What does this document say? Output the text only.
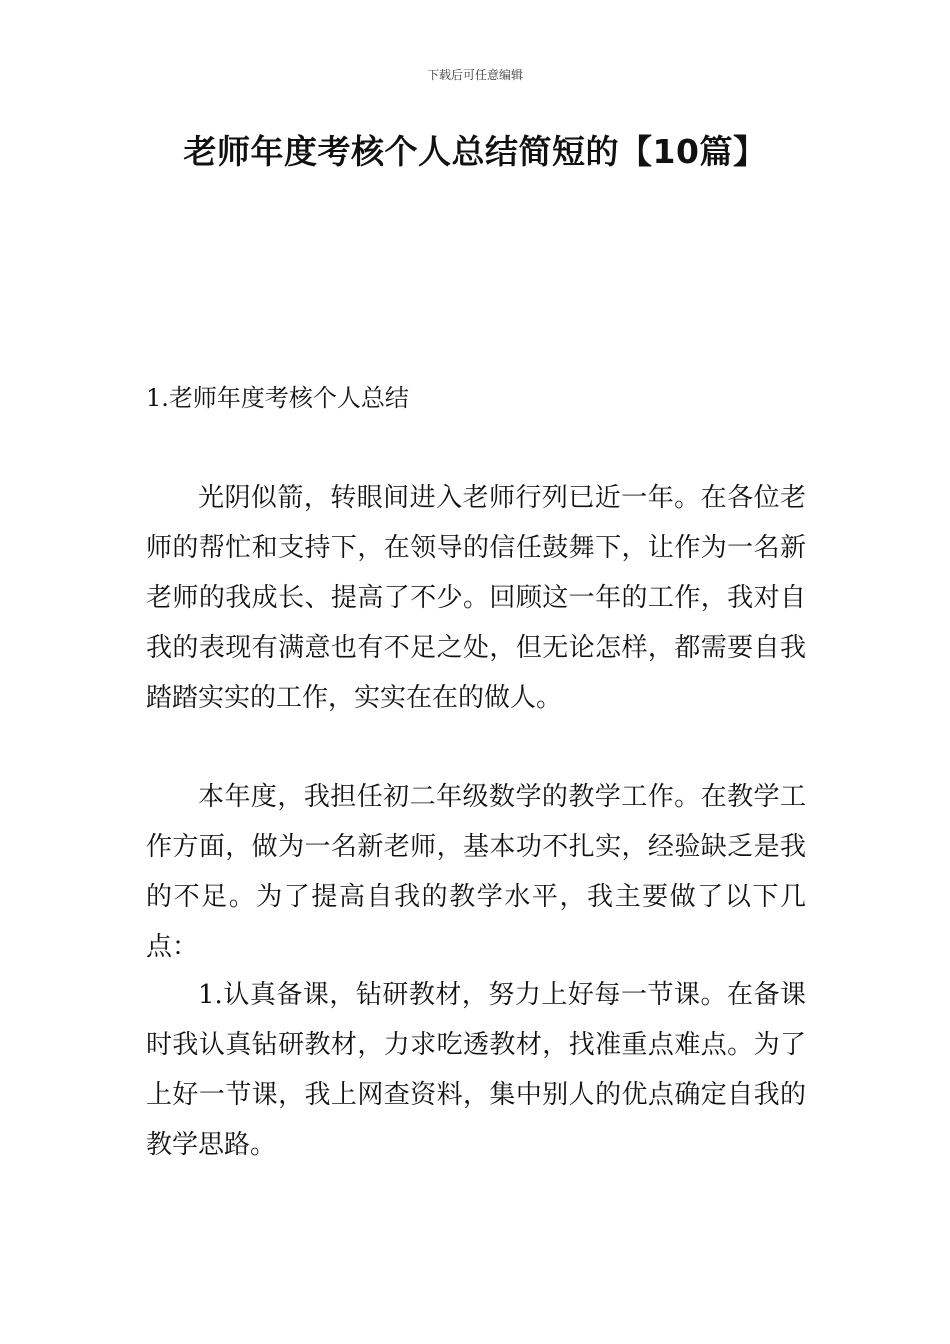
下载后可任意编辑
老师年度考核个人总结简短的【10篇】
1.老师年度考核个人总结

光阴似箭，转眼间进入老师行列已近一年。在各位老师的帮忙和支持下，在领导的信任鼓舞下，让作为一名新老师的我成长、提高了不少。回顾这一年的工作，我对自我的表现有满意也有不足之处，但无论怎样，都需要自我踏踏实实的工作，实实在在的做人。

本年度，我担任初二年级数学的教学工作。在教学工作方面，做为一名新老师，基本功不扎实，经验缺乏是我的不足。为了提高自我的教学水平，我主要做了以下几点：

1.认真备课，钻研教材，努力上好每一节课。在备课时我认真钻研教材，力求吃透教材，找准重点难点。为了上好一节课，我上网查资料，集中别人的优点确定自我的教学思路。
